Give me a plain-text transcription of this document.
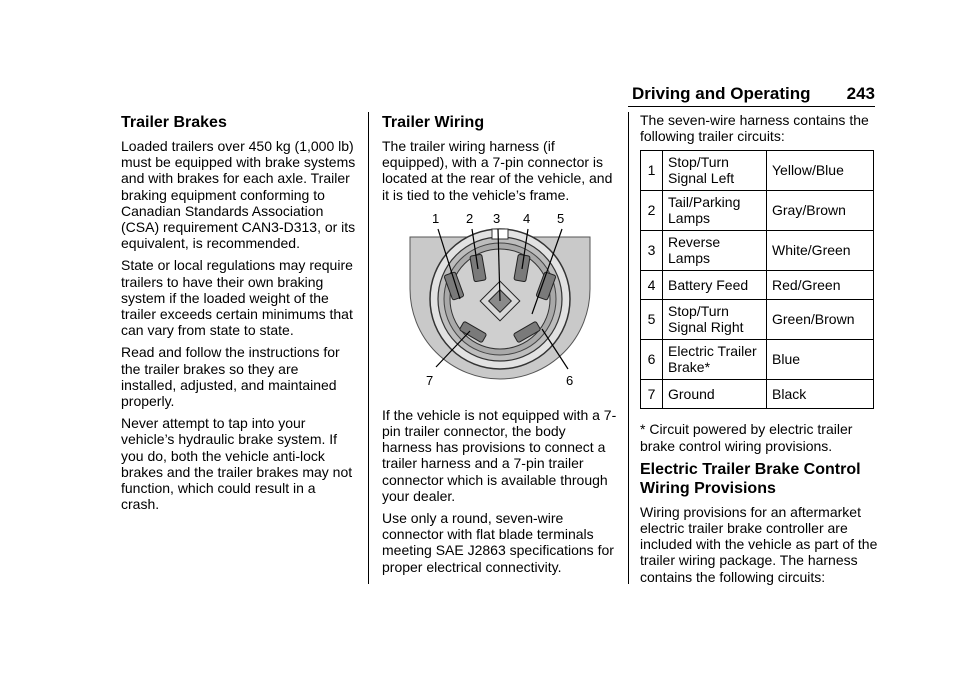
Driving and Operating 243
Trailer Brakes

Loaded trailers over 450 kg (1,000 lb) must be equipped with brake systems and with brakes for each axle. Trailer braking equipment conforming to Canadian Standards Association (CSA) requirement CAN3-D313, or its equivalent, is recommended.

State or local regulations may require trailers to have their own braking system if the loaded weight of the trailer exceeds certain minimums that can vary from state to state.

Read and follow the instructions for the trailer brakes so they are installed, adjusted, and maintained properly.

Never attempt to tap into your vehicle’s hydraulic brake system. If you do, both the vehicle anti-lock brakes and the trailer brakes may not function, which could result in a crash.

Trailer Wiring

The trailer wiring harness (if equipped), with a 7-pin connector is located at the rear of the vehicle, and it is tied to the vehicle’s frame.

1 2 3 4 5
6
7

If the vehicle is not equipped with a 7-pin trailer connector, the body harness has provisions to connect a trailer harness and a 7-pin trailer connector which is available through your dealer.

Use only a round, seven-wire connector with flat blade terminals meeting SAE J2863 specifications for proper electrical connectivity.

The seven-wire harness contains the following trailer circuits:

1	Stop/Turn Signal Left	Yellow/Blue
2	Tail/Parking Lamps	Gray/Brown
3	Reverse Lamps	White/Green
4	Battery Feed	Red/Green
5	Stop/Turn Signal Right	Green/Brown
6	Electric Trailer Brake*	Blue
7	Ground	Black

* Circuit powered by electric trailer brake control wiring provisions.

Electric Trailer Brake Control Wiring Provisions

Wiring provisions for an aftermarket electric trailer brake controller are included with the vehicle as part of the trailer wiring package. The harness contains the following circuits:
